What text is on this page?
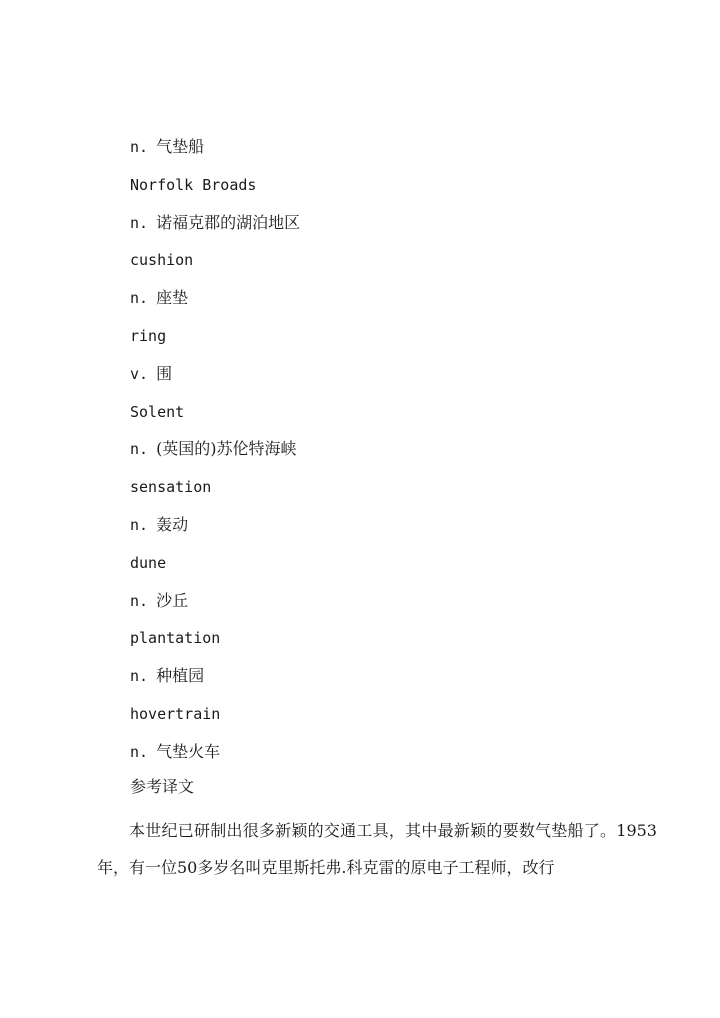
n. 气垫船
Norfolk Broads
n. 诺福克郡的湖泊地区
cushion
n. 座垫
ring
v. 围
Solent
n. (英国的)苏伦特海峡
sensation
n. 轰动
dune
n. 沙丘
plantation
n. 种植园
hovertrain
n. 气垫火车
参考译文

本世纪已研制出很多新颖的交通工具，其中最新颖的要数气垫船了。1953年，有一位50多岁名叫克里斯托弗.科克雷的原电子工程师，改行
